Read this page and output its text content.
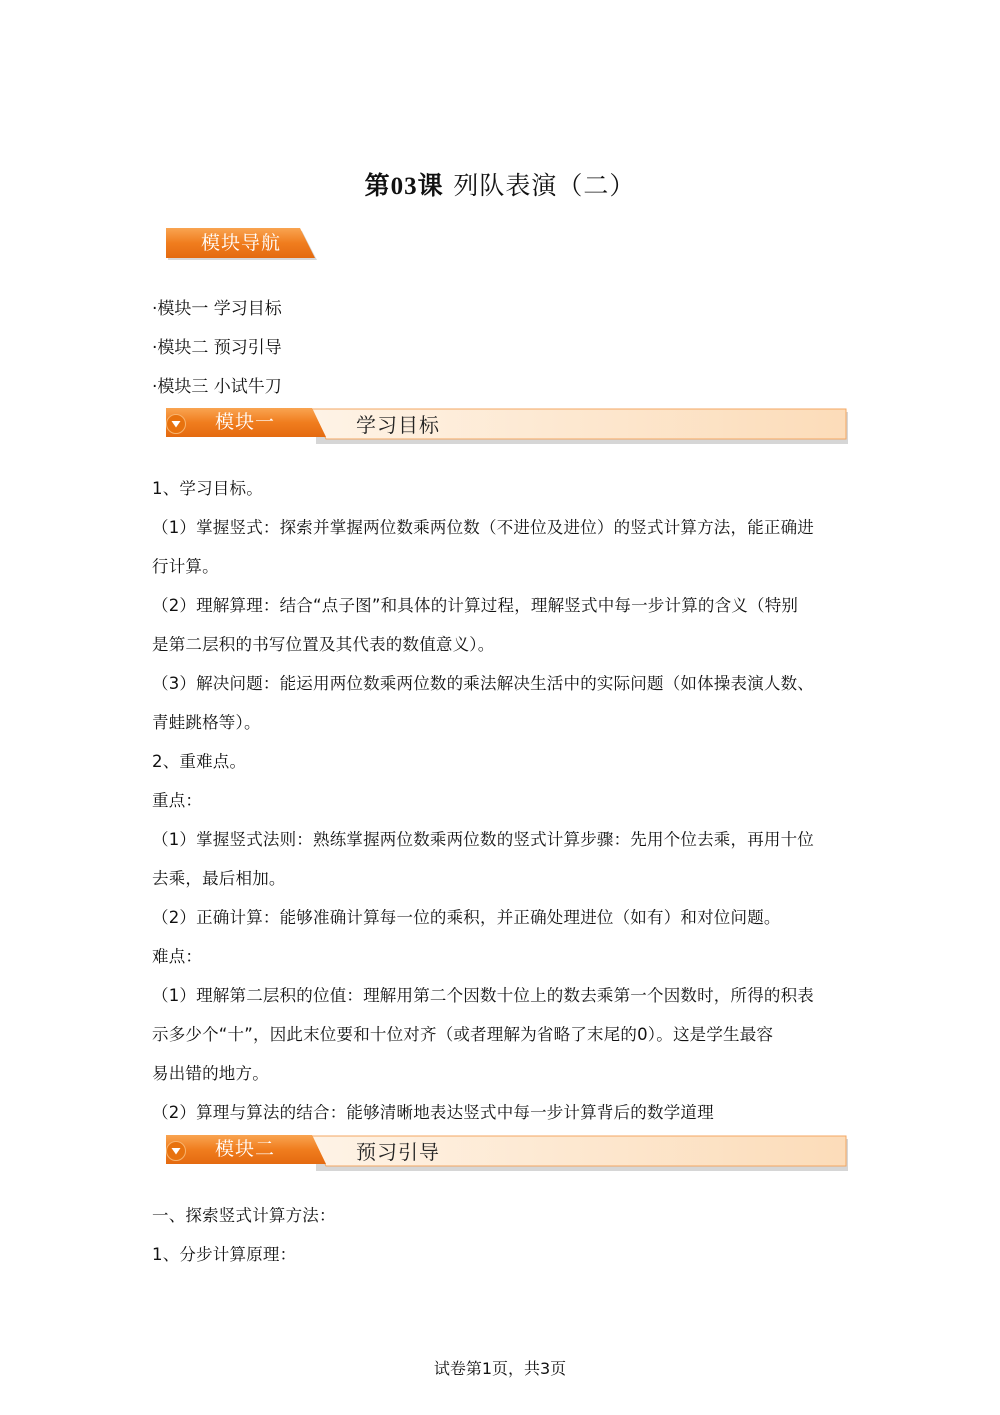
第03课 列队表演（二）
模块导航
·模块一 学习目标
·模块二 预习引导
·模块三 小试牛刀
模块一	学习目标
1、学习目标。
（1）掌握竖式：探索并掌握两位数乘两位数（不进位及进位）的竖式计算方法，能正确进
行计算。
（2）理解算理：结合“点子图”和具体的计算过程，理解竖式中每一步计算的含义（特别
是第二层积的书写位置及其代表的数值意义）。
（3）解决问题：能运用两位数乘两位数的乘法解决生活中的实际问题（如体操表演人数、
青蛙跳格等）。
2、重难点。
重点：
（1）掌握竖式法则：熟练掌握两位数乘两位数的竖式计算步骤：先用个位去乘，再用十位
去乘，最后相加。
（2）正确计算：能够准确计算每一位的乘积，并正确处理进位（如有）和对位问题。
难点：
（1）理解第二层积的位值：理解用第二个因数十位上的数去乘第一个因数时，所得的积表
示多少个“十”，因此末位要和十位对齐（或者理解为省略了末尾的0）。这是学生最容
易出错的地方。
（2）算理与算法的结合：能够清晰地表达竖式中每一步计算背后的数学道理
模块二	预习引导
一、探索竖式计算方法：
1、分步计算原理：
试卷第1页，共3页
